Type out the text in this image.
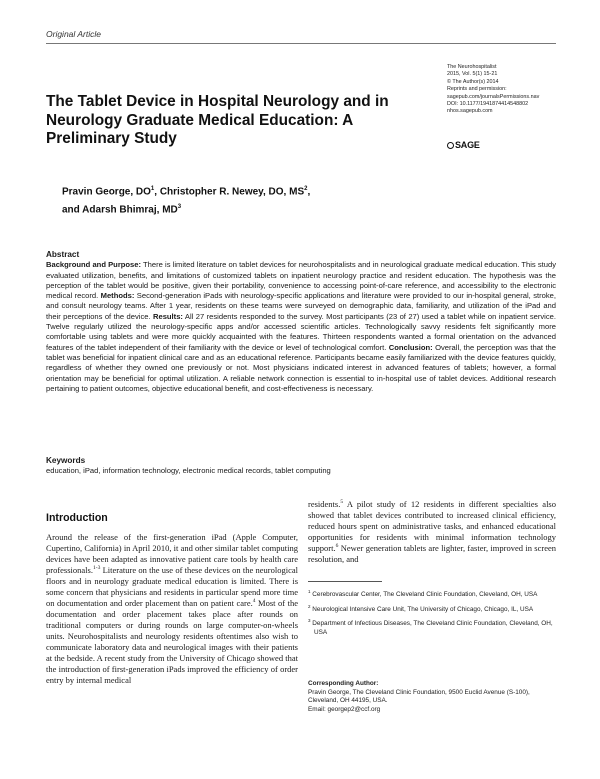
Original Article
The Neurohospitalist
2015, Vol. 5(1) 15-21
© The Author(s) 2014
Reprints and permission:
sagepub.com/journalsPermissions.nav
DOI: 10.1177/1941874414548802
nhos.sagepub.com
SAGE
The Tablet Device in Hospital Neurology and in Neurology Graduate Medical Education: A Preliminary Study
Pravin George, $DO^1$, Christopher R. Newey, DO, $MS^2$,
and Adarsh Bhimraj, $MD^3$
Abstract

Background and Purpose: There is limited literature on tablet devices for neurohospitalists and in neurological graduate medical education. This study evaluated utilization, benefits, and limitations of customized tablets on inpatient neurology practice and resident education. The hypothesis was the perception of the tablet would be positive, given their portability, convenience to accessing point-of-care reference, and accessibility to the electronic medical record. Methods: Second-generation iPads with neurology-specific applications and literature were provided to our in-hospital general, stroke, and consult neurology teams. After 1 year, residents on these teams were surveyed on demographic data, familiarity, and utilization of the iPad and their perceptions of the device. Results: All 27 residents responded to the survey. Most participants (23 of 27) used a tablet while on inpatient service. Twelve regularly utilized the neurology-specific apps and/or accessed scientific articles. Technologically savvy residents felt significantly more comfortable using tablets and were more quickly acquainted with the features. Thirteen respondents wanted a formal orientation on the advanced features of the tablet independent of their familiarity with the device or level of technological comfort. Conclusion: Overall, the perception was that the tablet was beneficial for inpatient clinical care and as an educational reference. Participants became easily familiarized with the device features quickly, regardless of whether they owned one previously or not. Most physicians indicated interest in advanced features of tablets; however, a formal orientation may be beneficial for optimal utilization. A reliable network connection is essential to in-hospital use of tablet devices. Additional research pertaining to patient outcomes, objective educational benefit, and cost-effectiveness is necessary.

Keywords
education, iPad, information technology, electronic medical records, tablet computing
Introduction
Around the release of the first-generation iPad (Apple Computer, Cupertino, California) in April 2010, it and other similar tablet computing devices have been adapted as innovative patient care tools by health care professionals.$^{1-3}$ Literature on the use of these devices on the neurological floors and in neurology graduate medical education is limited. There is some concern that physicians and residents in particular spend more time on documentation and order placement than on patient care.$^4$ Most of the documentation and order placement takes place after rounds on traditional computers or during rounds on large computer-on-wheels units. Neurohospitalists and neurology residents oftentimes also wish to communicate laboratory data and neurological images with their patients at the bedside. A recent study from the University of Chicago showed that the introduction of first-generation iPads improved the efficiency of order entry by internal medical
residents.$^5$ A pilot study of 12 residents in different specialties also showed that tablet devices contributed to increased clinical efficiency, reduced hours spent on administrative tasks, and enhanced educational opportunities for residents with minimal information technology support.$^6$ Newer generation tablets are lighter, faster, improved in screen resolution, and
$^1$ Cerebrovascular Center, The Cleveland Clinic Foundation, Cleveland, OH, USA
$^2$ Neurological Intensive Care Unit, The University of Chicago, Chicago, IL, USA
$^3$ Department of Infectious Diseases, The Cleveland Clinic Foundation, Cleveland, OH, USA
Corresponding Author:
Pravin George, The Cleveland Clinic Foundation, 9500 Euclid Avenue (S-100), Cleveland, OH 44195, USA.
Email: georgep2@ccf.org
